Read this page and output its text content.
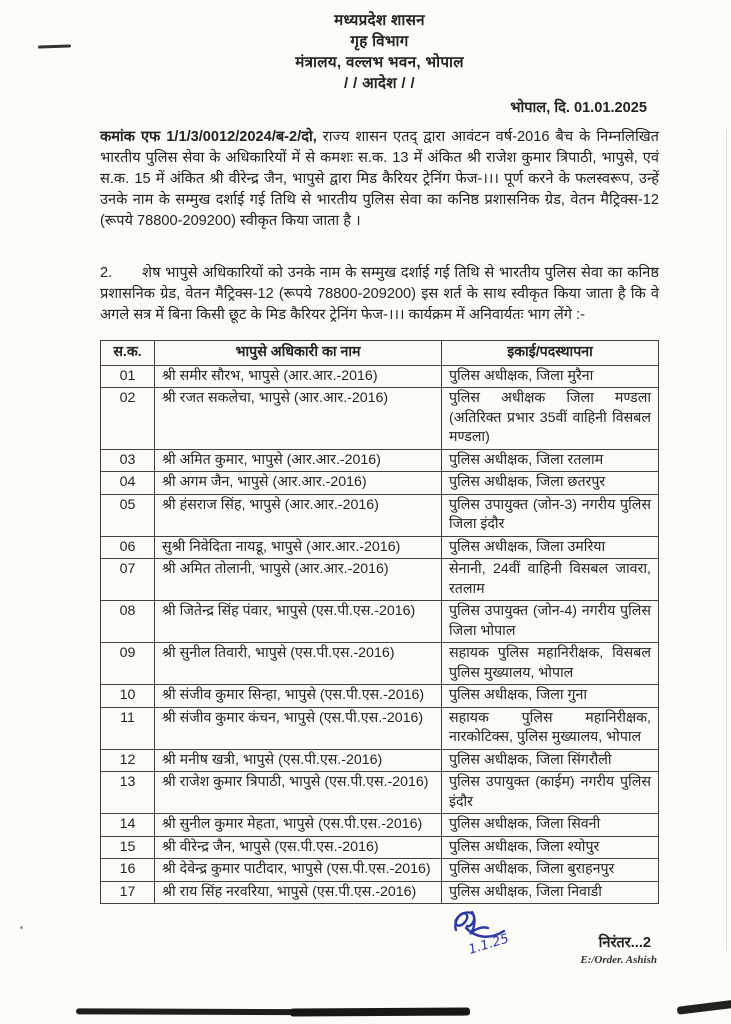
मध्यप्रदेश शासन
गृह विभाग
मंत्रालय, वल्लभ भवन, भोपाल
/ / आदेश / /
भोपाल, दि. 01.01.2025

कमांक एफ 1/1/3/0012/2024/ब-2/दो, राज्य शासन एतद् द्वारा आवंटन वर्ष-2016 बैच के निम्नलिखित भारतीय पुलिस सेवा के अधिकारियों में से कमशः स.क. 13 में अंकित श्री राजेश कुमार त्रिपाठी, भापुसे, एवं स.क. 15 में अंकित श्री वीरेन्द्र जैन, भापुसे द्वारा मिड कैरियर ट्रेनिंग फेज-।।। पूर्ण करने के फलस्वरूप, उन्हें उनके नाम के सम्मुख दर्शाई गई तिथि से भारतीय पुलिस सेवा का कनिष्ठ प्रशासनिक ग्रेड, वेतन मैट्रिक्स-12 (रूपये 78800-209200) स्वीकृत किया जाता है ।

2. शेष भापुसे अधिकारियों को उनके नाम के सम्मुख दर्शाई गई तिथि से भारतीय पुलिस सेवा का कनिष्ठ प्रशासनिक ग्रेड, वेतन मैट्रिक्स-12 (रूपये 78800-209200) इस शर्त के साथ स्वीकृत किया जाता है कि वे अगले सत्र में बिना किसी छूट के मिड कैरियर ट्रेनिंग फेज-।।। कार्यक्रम में अनिवार्यतः भाग लेंगे :-

स.क.	भापुसे अधिकारी का नाम	इकाई/पदस्थापना
01	श्री समीर सौरभ, भापुसे (आर.आर.-2016)	पुलिस अधीक्षक, जिला मुरैना
02	श्री रजत सकलेचा, भापुसे (आर.आर.-2016)	पुलिस अधीक्षक जिला मण्डला (अतिरिक्त प्रभार 35वीं वाहिनी विसबल मण्डला)
03	श्री अमित कुमार, भापुसे (आर.आर.-2016)	पुलिस अधीक्षक, जिला रतलाम
04	श्री अगम जैन, भापुसे (आर.आर.-2016)	पुलिस अधीक्षक, जिला छतरपुर
05	श्री हंसराज सिंह, भापुसे (आर.आर.-2016)	पुलिस उपायुक्त (जोन-3) नगरीय पुलिस जिला इंदौर
06	सुश्री निवेदिता नायडू, भापुसे (आर.आर.-2016)	पुलिस अधीक्षक, जिला उमरिया
07	श्री अमित तोलानी, भापुसे (आर.आर.-2016)	सेनानी, 24वीं वाहिनी विसबल जावरा, रतलाम
08	श्री जितेन्द्र सिंह पंवार, भापुसे (एस.पी.एस.-2016)	पुलिस उपायुक्त (जोन-4) नगरीय पुलिस जिला भोपाल
09	श्री सुनील तिवारी, भापुसे (एस.पी.एस.-2016)	सहायक पुलिस महानिरीक्षक, विसबल पुलिस मुख्यालय, भोपाल
10	श्री संजीव कुमार सिन्हा, भापुसे (एस.पी.एस.-2016)	पुलिस अधीक्षक, जिला गुना
11	श्री संजीव कुमार कंचन, भापुसे (एस.पी.एस.-2016)	सहायक पुलिस महानिरीक्षक, नारकोटिक्स, पुलिस मुख्यालय, भोपाल
12	श्री मनीष खत्री, भापुसे (एस.पी.एस.-2016)	पुलिस अधीक्षक, जिला सिंगरौली
13	श्री राजेश कुमार त्रिपाठी, भापुसे (एस.पी.एस.-2016)	पुलिस उपायुक्त (काईम) नगरीय पुलिस इंदौर
14	श्री सुनील कुमार मेहता, भापुसे (एस.पी.एस.-2016)	पुलिस अधीक्षक, जिला सिवनी
15	श्री वीरेन्द्र जैन, भापुसे (एस.पी.एस.-2016)	पुलिस अधीक्षक, जिला श्योपुर
16	श्री देवेन्द्र कुमार पाटीदार, भापुसे (एस.पी.एस.-2016)	पुलिस अधीक्षक, जिला बुराहनपुर
17	श्री राय सिंह नरवरिया, भापुसे (एस.पी.एस.-2016)	पुलिस अधीक्षक, जिला निवाडी
1.1.25	निरंतर...2
E:/Order. Ashish
